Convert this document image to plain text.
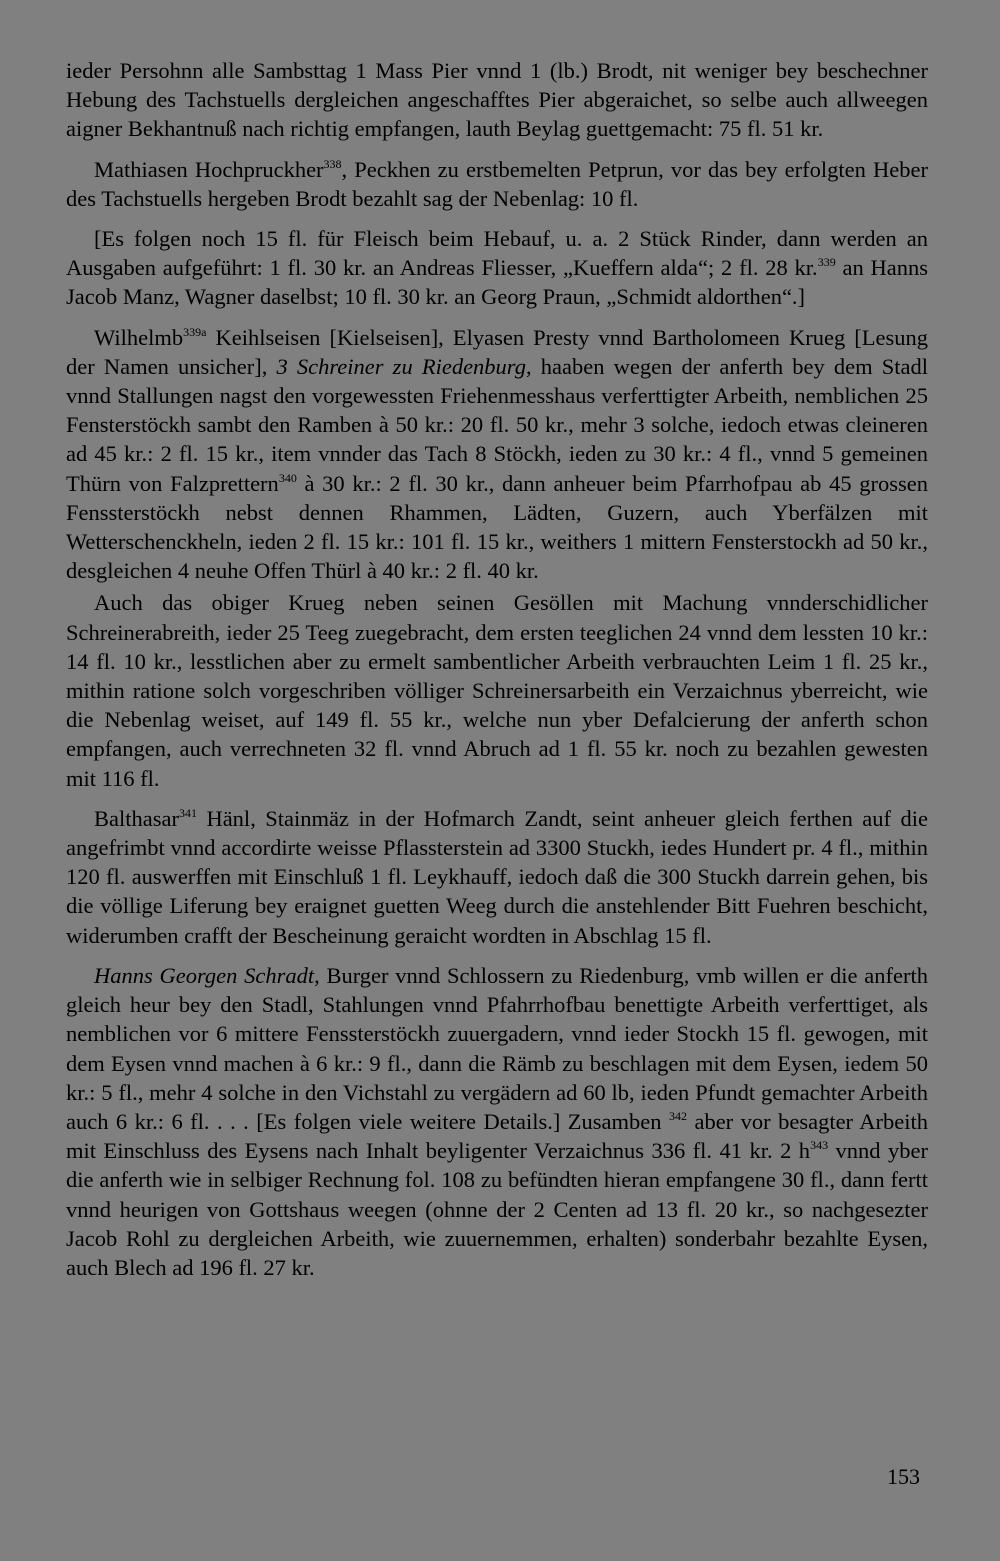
ieder Persohnn alle Sambsttag 1 Mass Pier vnnd 1 (lb.) Brodt, nit weniger bey beschechner Hebung des Tachstuells dergleichen angeschafftes Pier abgeraichet, so selbe auch allweegen aigner Bekhantnuß nach richtig empfangen, lauth Beylag guettgemacht: 75 fl. 51 kr.

Mathiasen Hochpruckher$^{338}$, Peckhen zu erstbemelten Petprun, vor das bey erfolgten Heber des Tachstuells hergeben Brodt bezahlt sag der Nebenlag: 10 fl.

[Es folgen noch 15 fl. für Fleisch beim Hebauf, u. a. 2 Stück Rinder, dann werden an Ausgaben aufgeführt: 1 fl. 30 kr. an Andreas Fliesser, „Kueffern alda“; 2 fl. 28 kr.$^{339}$ an Hanns Jacob Manz, Wagner daselbst; 10 fl. 30 kr. an Georg Praun, „Schmidt aldorthen“.]

Wilhelmb$^{339a}$ Keihlseisen [Kielseisen], Elyasen Presty vnnd Bartholomeen Krueg [Lesung der Namen unsicher], 3 Schreiner zu Riedenburg, haaben wegen der anferth bey dem Stadl vnnd Stallungen nagst den vorgewessten Friehenmesshaus verferttigter Arbeith, nemblichen 25 Fensterstöckh sambt den Ramben à 50 kr.: 20 fl. 50 kr., mehr 3 solche, iedoch etwas cleineren ad 45 kr.: 2 fl. 15 kr., item vnnder das Tach 8 Stöckh, ieden zu 30 kr.: 4 fl., vnnd 5 gemeinen Thürn von Falzprettern$^{340}$ à 30 kr.: 2 fl. 30 kr., dann anheuer beim Pfarrhofpau ab 45 grossen Fenssterstöckh nebst dennen Rhammen, Lädten, Guzern, auch Yberfälzen mit Wetterschenckheln, ieden 2 fl. 15 kr.: 101 fl. 15 kr., weithers 1 mittern Fensterstockh ad 50 kr., desgleichen 4 neuhe Offen Thürl à 40 kr.: 2 fl. 40 kr.

Auch das obiger Krueg neben seinen Gesöllen mit Machung vnnderschidlicher Schreinerabreith, ieder 25 Teeg zuegebracht, dem ersten teeglichen 24 vnnd dem lessten 10 kr.: 14 fl. 10 kr., lesstlichen aber zu ermelt sambentlicher Arbeith verbrauchten Leim 1 fl. 25 kr., mithin ratione solch vorgeschriben völliger Schreinersarbeith ein Verzaichnus yberreicht, wie die Nebenlag weiset, auf 149 fl. 55 kr., welche nun yber Defalcierung der anferth schon empfangen, auch verrechneten 32 fl. vnnd Abruch ad 1 fl. 55 kr. noch zu bezahlen gewesten mit 116 fl.

Balthasar$^{341}$ Hänl, Stainmäz in der Hofmarch Zandt, seint anheuer gleich ferthen auf die angefrimbt vnnd accordirte weisse Pflassterstein ad 3300 Stuckh, iedes Hundert pr. 4 fl., mithin 120 fl. auswerffen mit Einschluß 1 fl. Leykhauff, iedoch daß die 300 Stuckh darrein gehen, bis die völlige Liferung bey eraignet guetten Weeg durch die anstehlender Bitt Fuehren beschicht, widerumben crafft der Bescheinung geraicht wordten in Abschlag 15 fl.

Hanns Georgen Schradt, Burger vnnd Schlossern zu Riedenburg, vmb willen er die anferth gleich heur bey den Stadl, Stahlungen vnnd Pfahrrhofbau benettigte Arbeith verferttiget, als nemblichen vor 6 mittere Fenssterstöckh zuuergadern, vnnd ieder Stockh 15 fl. gewogen, mit dem Eysen vnnd machen à 6 kr.: 9 fl., dann die Rämb zu beschlagen mit dem Eysen, iedem 50 kr.: 5 fl., mehr 4 solche in den Vichstahl zu vergädern ad 60 lb, ieden Pfundt gemachter Arbeith auch 6 kr.: 6 fl. . . . [Es folgen viele weitere Details.] Zusamben $^{342}$ aber vor besagter Arbeith mit Einschluss des Eysens nach Inhalt beyligenter Verzaichnus 336 fl. 41 kr. 2 $h^{343}$ vnnd yber die anferth wie in selbiger Rechnung fol. 108 zu befündten hieran empfangene 30 fl., dann fertt vnnd heurigen von Gottshaus weegen (ohnne der 2 Centen ad 13 fl. 20 kr., so nachgesezter Jacob Rohl zu dergleichen Arbeith, wie zuuernemmen, erhalten) sonderbahr bezahlte Eysen, auch Blech ad 196 fl. 27 kr.

153
